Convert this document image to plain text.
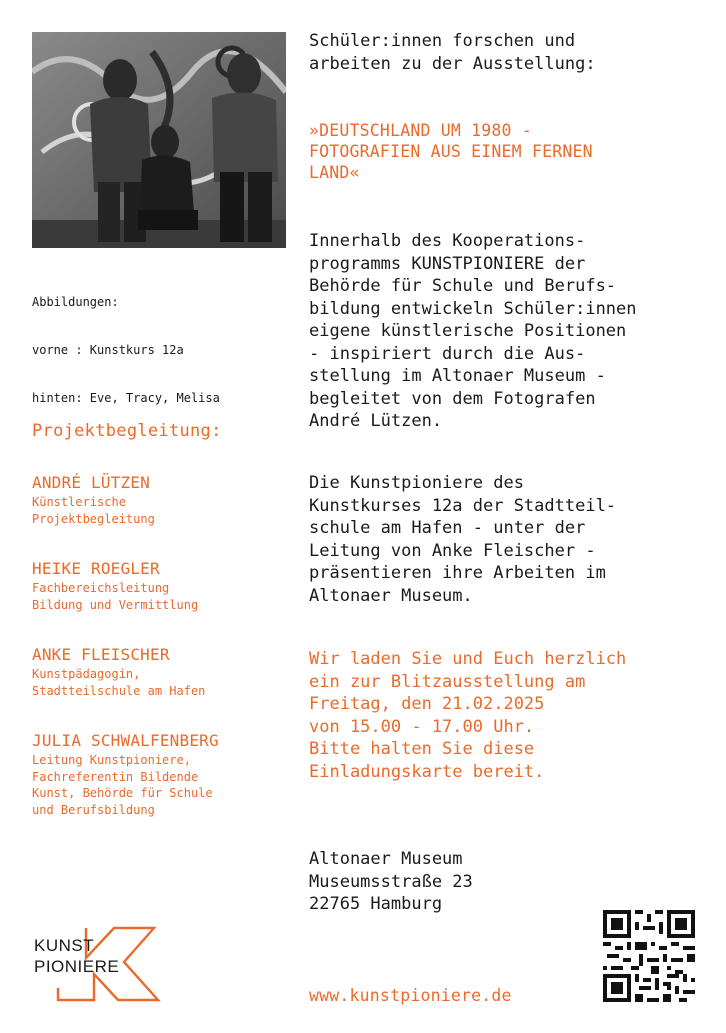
Abbildungen:

vorne : Kunstkurs 12a

hinten: Eve, Tracy, Melisa

Projektbegleitung:
ANDRÉ LÜTZEN
Künstlerische
Projektbegleitung
HEIKE ROEGLER
Fachbereichsleitung
Bildung und Vermittlung
ANKE FLEISCHER
Kunstpädagogin,
Stadtteilschule am Hafen
JULIA SCHWALFENBERG
Leitung Kunstpioniere,
Fachreferentin Bildende
Kunst, Behörde für Schule
und Berufsbildung
Schüler:innen forschen und
arbeiten zu der Ausstellung:
»DEUTSCHLAND UM 1980 -
FOTOGRAFIEN AUS EINEM FERNEN
LAND«
Innerhalb des Kooperations-
programms KUNSTPIONIERE der
Behörde für Schule und Berufs-
bildung entwickeln Schüler:innen
eigene künstlerische Positionen
- inspiriert durch die Aus-
stellung im Altonaer Museum -
begleitet von dem Fotografen
André Lützen.
Die Kunstpioniere des
Kunstkurses 12a der Stadtteil-
schule am Hafen - unter der
Leitung von Anke Fleischer -
präsentieren ihre Arbeiten im
Altonaer Museum.
Wir laden Sie und Euch herzlich
ein zur Blitzausstellung am
Freitag, den 21.02.2025
von 15.00 - 17.00 Uhr.
Bitte halten Sie diese
Einladungskarte bereit.
Altonaer Museum
Museumsstraße 23
22765 Hamburg
www.kunstpioniere.de
KUNST
PIONIERE
